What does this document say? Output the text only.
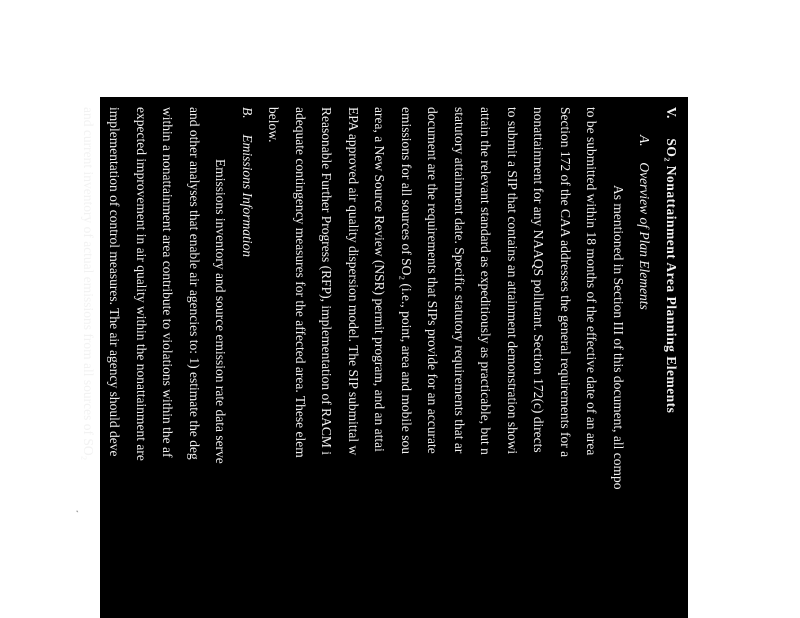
V. SO₂ Nonattainment Area Planning Elements
A. Overview of Plan Elements
As mentioned in Section III of this document, all compo
to be submitted within 18 months of the effective date of an area
Section 172 of the CAA addresses the general requirements for a
nonattainment for any NAAQS pollutant. Section 172(c) directs
to submit a SIP that contains an attainment demonstration showi
attain the relevant standard as expeditiously as practicable, but n
statutory attainment date. Specific statutory requirements that ar
document are the requirements that SIPs provide for an accurate
emissions for all sources of SO₂ (i.e., point, area and mobile sou
area, a New Source Review (NSR) permit program, and an attai
EPA approved air quality dispersion model. The SIP submittal w
Reasonable Further Progress (RFP), implementation of RACM i
adequate contingency measures for the affected area. These elem
below.
B. Emissions Information
Emissions inventory and source emission rate data serve
and other analyses that enable air agencies to: 1) estimate the deg
within a nonattainment area contribute to violations within the af
expected improvement in air quality within the nonattainment are
implementation of control measures. The air agency should deve
and current inventory of actual emissions from all sources of SO₂
’
